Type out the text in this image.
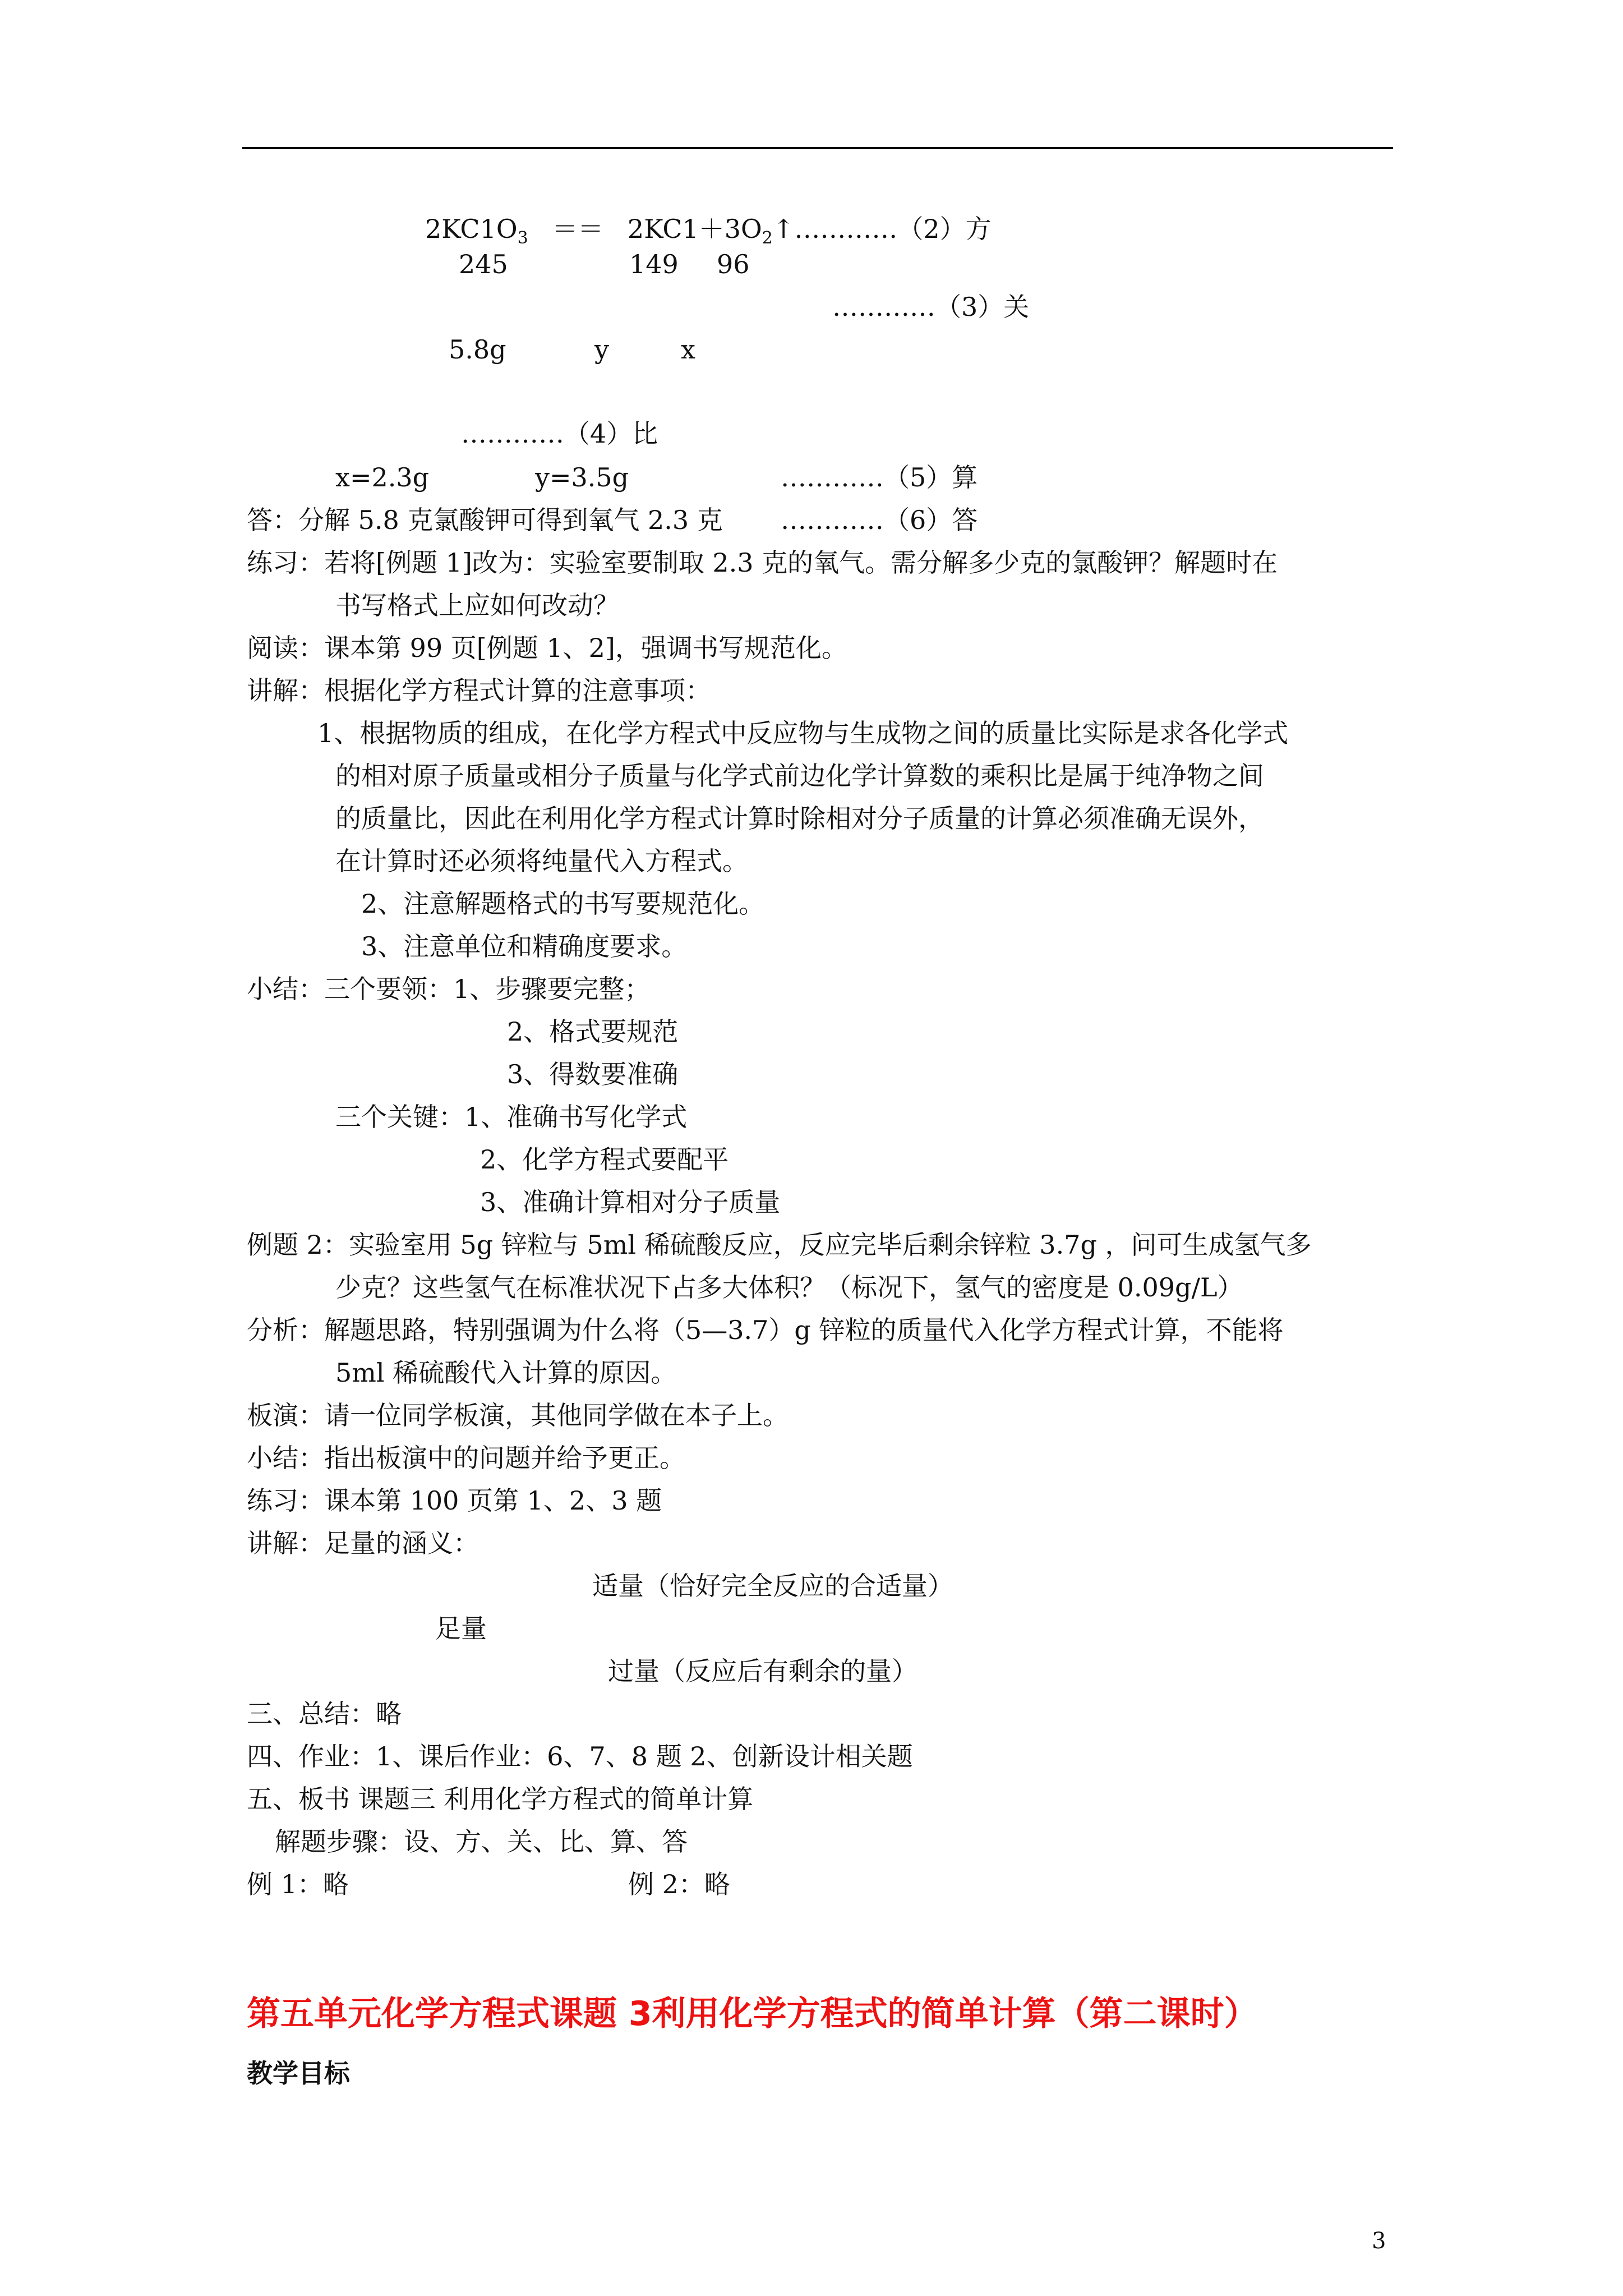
$2KC1O_3$ ＝＝ $2KC1+3O_2↑\dots\dots\dots\dots(2)$方
245	149 96
…………（3）关
5.8g	y	x
…………（4）比
x=2.3g	y=3.5g	…………（5）算
答：分解 5.8 克氯酸钾可得到氧气 2.3 克 …………（6）答
练习：若将[例题 1]改为：实验室要制取 2.3 克的氧气。需分解多少克的氯酸钾？解题时在
书写格式上应如何改动？
阅读：课本第 99 页[例题 1、2]，强调书写规范化。
讲解：根据化学方程式计算的注意事项：
1、根据物质的组成，在化学方程式中反应物与生成物之间的质量比实际是求各化学式
的相对原子质量或相分子质量与化学式前边化学计算数的乘积比是属于纯净物之间
的质量比，因此在利用化学方程式计算时除相对分子质量的计算必须准确无误外，
在计算时还必须将纯量代入方程式。
2、注意解题格式的书写要规范化。
3、注意单位和精确度要求。
小结：三个要领：1、步骤要完整；
2、格式要规范
3、得数要准确
三个关键：1、准确书写化学式
2、化学方程式要配平
3、准确计算相对分子质量
例题 2：实验室用 5g 锌粒与 5ml 稀硫酸反应，反应完毕后剩余锌粒 3.7g ，问可生成氢气多
少克？这些氢气在标准状况下占多大体积？（标况下，氢气的密度是 0.09g/L）
分析：解题思路，特别强调为什么将（5—3.7）g 锌粒的质量代入化学方程式计算，不能将
5ml 稀硫酸代入计算的原因。
板演：请一位同学板演，其他同学做在本子上。
小结：指出板演中的问题并给予更正。
练习：课本第 100 页第 1、2、3 题
讲解：足量的涵义：
适量（恰好完全反应的合适量）
足量
过量（反应后有剩余的量）
三、总结：略
四、作业：1、课后作业：6、7、8 题 2、创新设计相关题
五、板书 课题三 利用化学方程式的简单计算
解题步骤：设、方、关、比、算、答
例 1：略	例 2：略
第五单元化学方程式课题 3利用化学方程式的简单计算（第二课时）
教学目标
3
